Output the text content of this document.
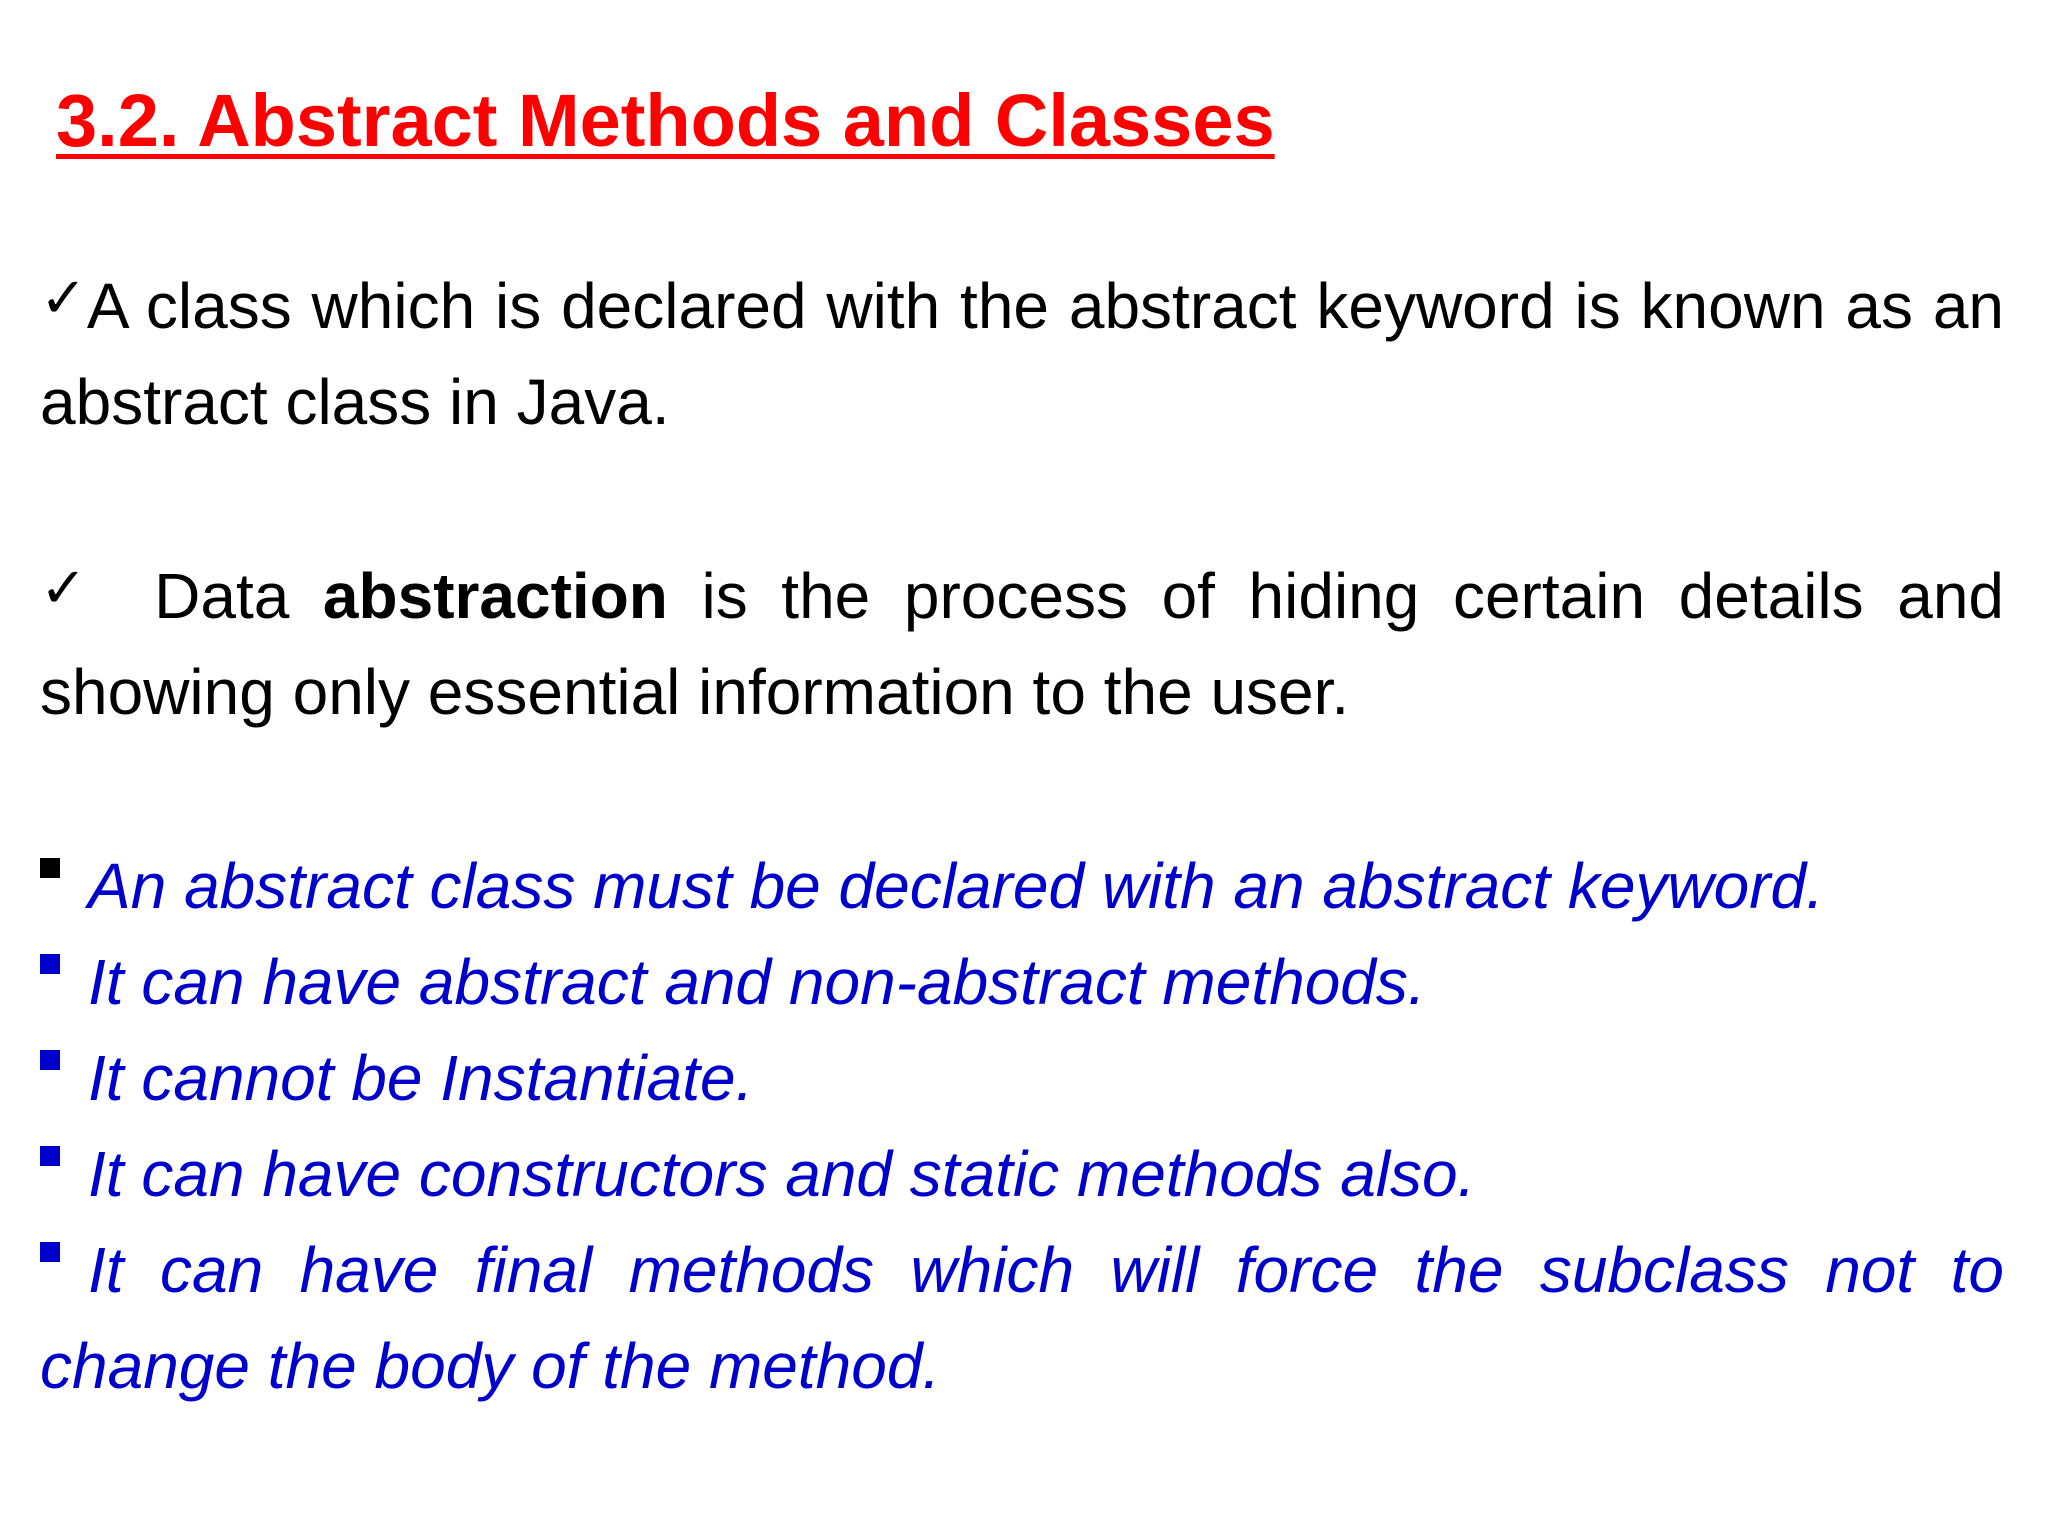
3.2. Abstract Methods and Classes

✓A class which is declared with the abstract keyword is known as an abstract class in Java.

✓ Data abstraction is the process of hiding certain details and showing only essential information to the user.

An abstract class must be declared with an abstract keyword.
It can have abstract and non-abstract methods.
It cannot be Instantiate.
It can have constructors and static methods also.
It can have final methods which will force the subclass not to change the body of the method.
